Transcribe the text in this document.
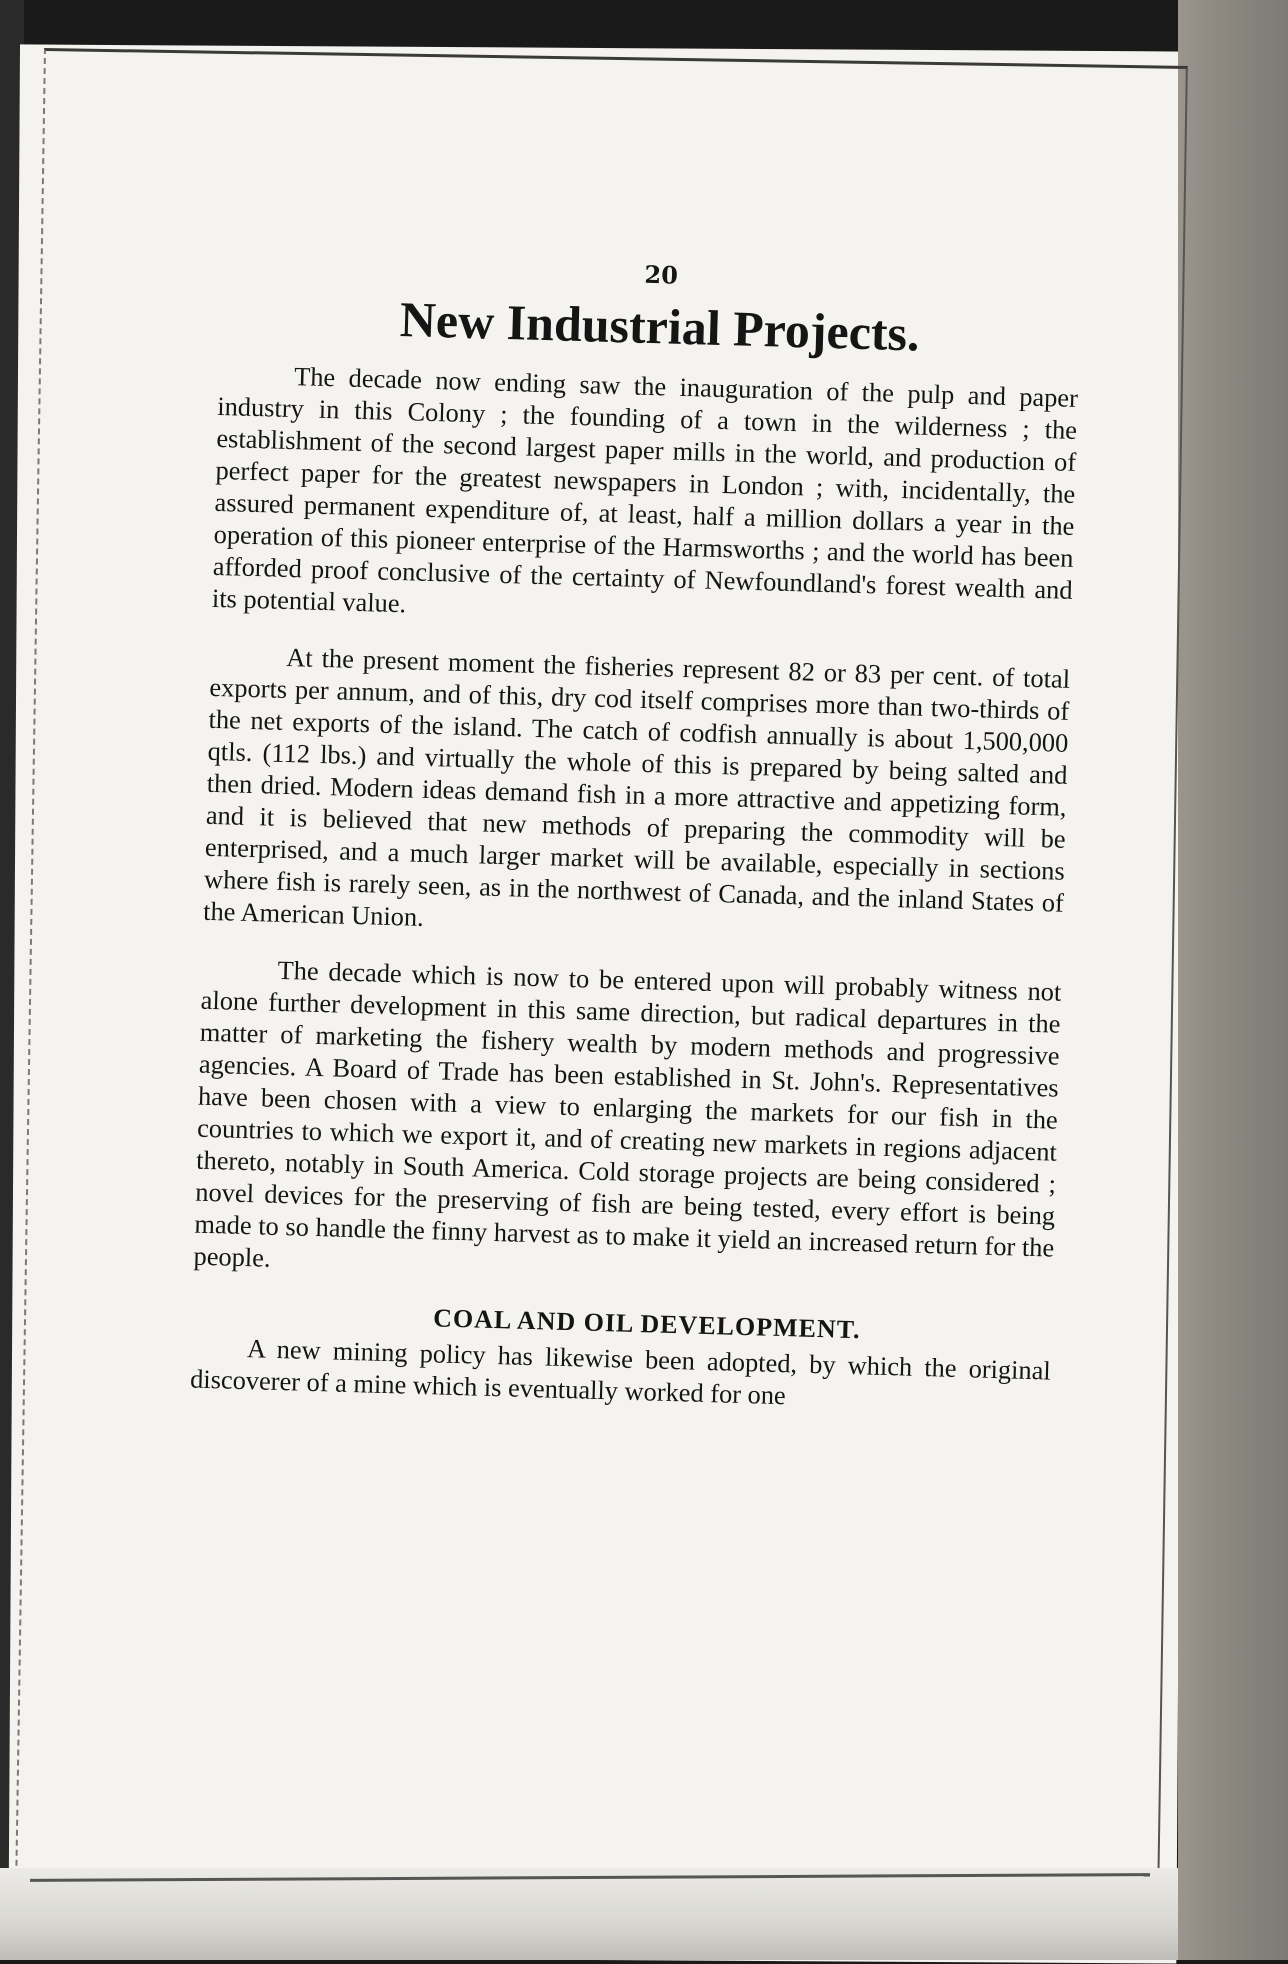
20
New Industrial Projects.

The decade now ending saw the inauguration of the pulp and paper industry in this Colony ; the founding of a town in the wilderness ; the establishment of the second largest paper mills in the world, and production of perfect paper for the greatest newspapers in London ; with, incidentally, the assured permanent expenditure of, at least, half a million dollars a year in the operation of this pioneer enterprise of the Harmsworths ; and the world has been afforded proof conclusive of the certainty of Newfoundland's forest wealth and its potential value.

At the present moment the fisheries represent 82 or 83 per cent. of total exports per annum, and of this, dry cod itself comprises more than two-thirds of the net exports of the island. The catch of codfish annually is about 1,500,000 qtls. (112 lbs.) and virtually the whole of this is prepared by being salted and then dried. Modern ideas demand fish in a more attractive and appetizing form, and it is believed that new methods of preparing the commodity will be enterprised, and a much larger market will be available, especially in sections where fish is rarely seen, as in the northwest of Canada, and the inland States of the American Union.

The decade which is now to be entered upon will probably witness not alone further development in this same direction, but radical departures in the matter of marketing the fishery wealth by modern methods and progressive agencies. A Board of Trade has been established in St. John's. Representatives have been chosen with a view to enlarging the markets for our fish in the countries to which we export it, and of creating new markets in regions adjacent thereto, notably in South America. Cold storage projects are being considered ; novel devices for the preserving of fish are being tested, every effort is being made to so handle the finny harvest as to make it yield an increased return for the people.

COAL AND OIL DEVELOPMENT.

A new mining policy has likewise been adopted, by which the original discoverer of a mine which is eventually worked for one
